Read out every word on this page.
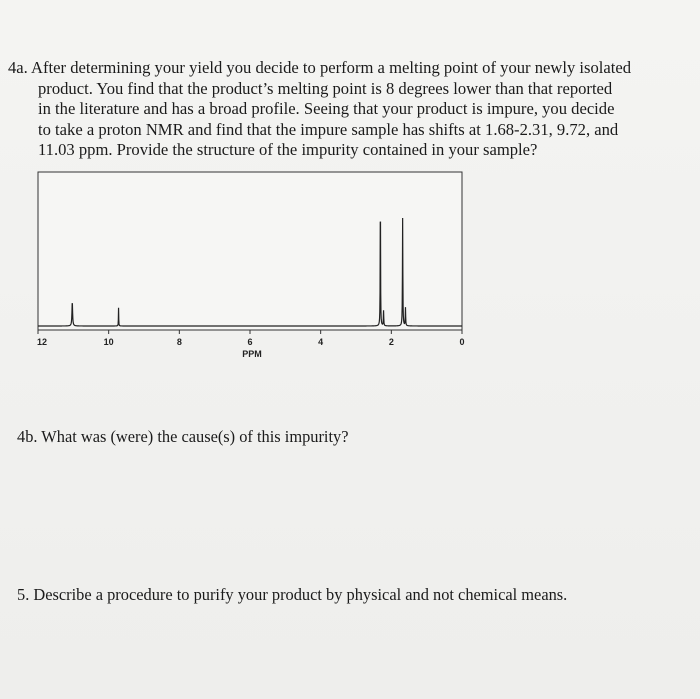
4a. After determining your yield you decide to perform a melting point of your newly isolated

product. You find that the product’s melting point is 8 degrees lower than that reported

in the literature and has a broad profile. Seeing that your product is impure, you decide

to take a proton NMR and find that the impure sample has shifts at 1.68-2.31, 9.72, and

11.03 ppm. Provide the structure of the impurity contained in your sample?

12	10	8	6	4	2	0
PPM
4b. What was (were) the cause(s) of this impurity?
5. Describe a procedure to purify your product by physical and not chemical means.
